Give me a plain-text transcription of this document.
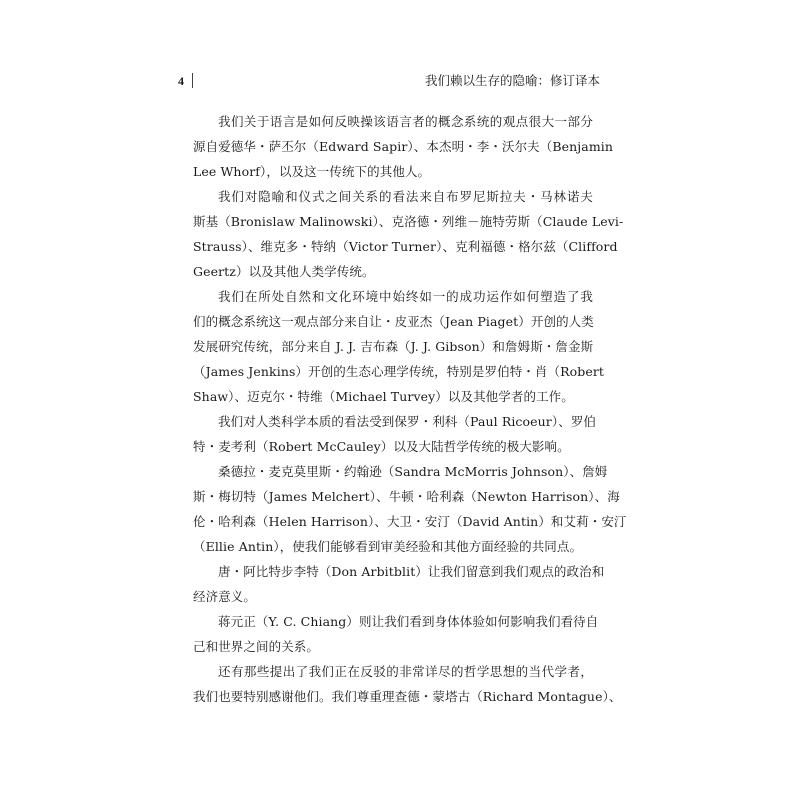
4	我们赖以生存的隐喻：修订译本
我们关于语言是如何反映操该语言者的概念系统的观点很大一部分
源自爱德华・萨丕尔（Edward Sapir）、本杰明・李・沃尔夫（Benjamin
Lee Whorf），以及这一传统下的其他人。
我们对隐喻和仪式之间关系的看法来自布罗尼斯拉夫・马林诺夫
斯基（Bronislaw Malinowski）、克洛德・列维－施特劳斯（Claude Levi-
Strauss）、维克多・特纳（Victor Turner）、克利福德・格尔兹（Clifford
Geertz）以及其他人类学传统。
我们在所处自然和文化环境中始终如一的成功运作如何塑造了我
们的概念系统这一观点部分来自让・皮亚杰（Jean Piaget）开创的人类
发展研究传统，部分来自 J. J. 吉布森（J. J. Gibson）和詹姆斯・詹金斯
（James Jenkins）开创的生态心理学传统，特别是罗伯特・肖（Robert
Shaw）、迈克尔・特维（Michael Turvey）以及其他学者的工作。
我们对人类科学本质的看法受到保罗・利科（Paul Ricoeur）、罗伯
特・麦考利（Robert McCauley）以及大陆哲学传统的极大影响。
桑德拉・麦克莫里斯・约翰逊（Sandra McMorris Johnson）、詹姆
斯・梅切特（James Melchert）、牛顿・哈利森（Newton Harrison）、海
伦・哈利森（Helen Harrison）、大卫・安汀（David Antin）和艾莉・安汀
（Ellie Antin），使我们能够看到审美经验和其他方面经验的共同点。
唐・阿比特步李特（Don Arbitblit）让我们留意到我们观点的政治和
经济意义。
蒋元正（Y. C. Chiang）则让我们看到身体体验如何影响我们看待自
己和世界之间的关系。
还有那些提出了我们正在反驳的非常详尽的哲学思想的当代学者，
我们也要特别感谢他们。我们尊重理查德・蒙塔古（Richard Montague）、
